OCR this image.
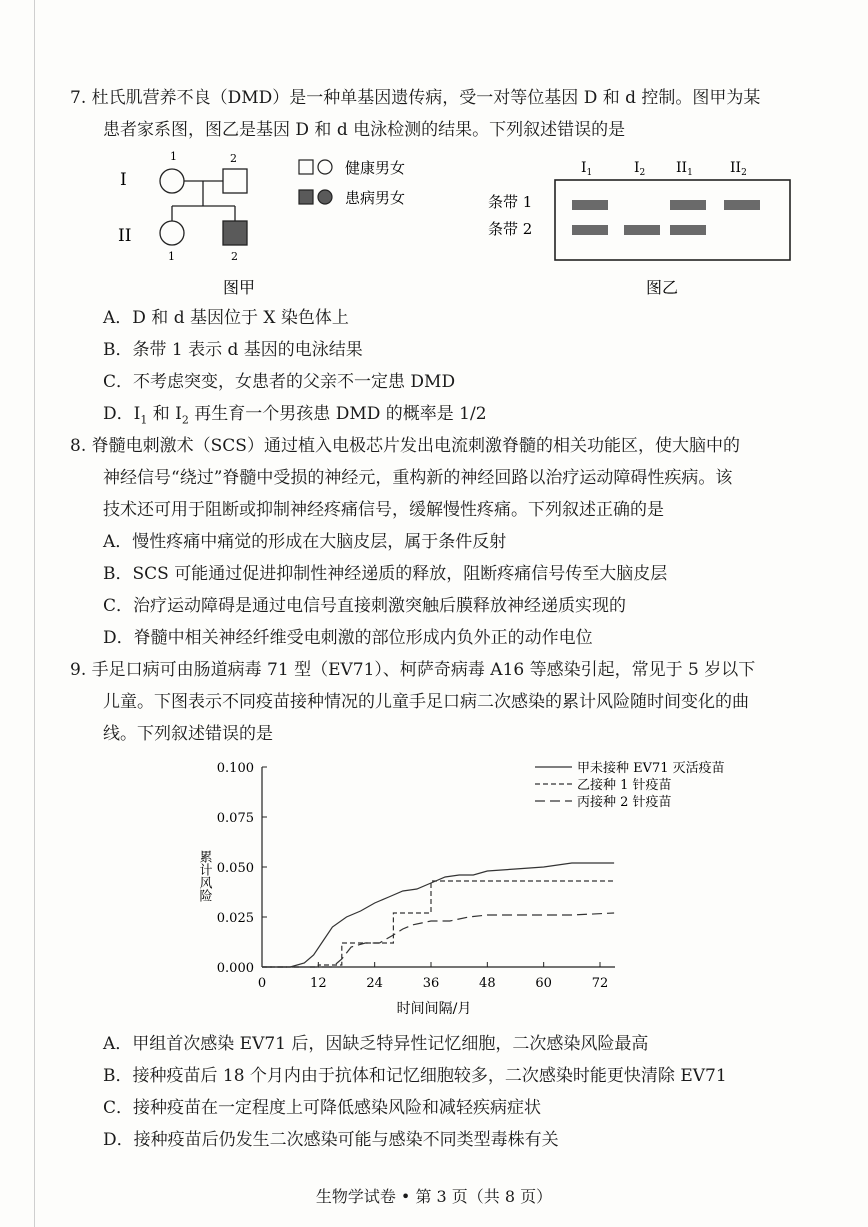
7. 杜氏肌营养不良（DMD）是一种单基因遗传病，受一对等位基因 D 和 d 控制。图甲为某

患者家系图，图乙是基因 D 和 d 电泳检测的结果。下列叙述错误的是

I
II
1	2
1	2
健康男女
患病男女
图甲
$I_1$	$I_2$ $II_1$	$II_2$
条带 1
条带 2
图乙

A．D 和 d 基因位于 X 染色体上

B．条带 1 表示 d 基因的电泳结果

C．不考虑突变，女患者的父亲不一定患 DMD

D．$I_1$ 和 $I_2$ 再生育一个男孩患 DMD 的概率是 1/2

8. 脊髓电刺激术（SCS）通过植入电极芯片发出电流刺激脊髓的相关功能区，使大脑中的

神经信号“绕过”脊髓中受损的神经元，重构新的神经回路以治疗运动障碍性疾病。该

技术还可用于阻断或抑制神经疼痛信号，缓解慢性疼痛。下列叙述正确的是

A．慢性疼痛中痛觉的形成在大脑皮层，属于条件反射

B．SCS 可能通过促进抑制性神经递质的释放，阻断疼痛信号传至大脑皮层

C．治疗运动障碍是通过电信号直接刺激突触后膜释放神经递质实现的

D．脊髓中相关神经纤维受电刺激的部位形成内负外正的动作电位

9. 手足口病可由肠道病毒 71 型（EV71）、柯萨奇病毒 A16 等感染引起，常见于 5 岁以下

儿童。下图表示不同疫苗接种情况的儿童手足口病二次感染的累计风险随时间变化的曲

线。下列叙述错误的是

0.000
0.025
0.050
0.075
0.100
0	12	24	36	48	60	72
甲未接种 EV71 灭活疫苗
乙接种 1 针疫苗
丙接种 2 针疫苗
累计风险
时间间隔/月

A．甲组首次感染 EV71 后，因缺乏特异性记忆细胞，二次感染风险最高

B．接种疫苗后 18 个月内由于抗体和记忆细胞较多，二次感染时能更快清除 EV71

C．接种疫苗在一定程度上可降低感染风险和减轻疾病症状

D．接种疫苗后仍发生二次感染可能与感染不同类型毒株有关

生物学试卷 • 第 3 页（共 8 页）
